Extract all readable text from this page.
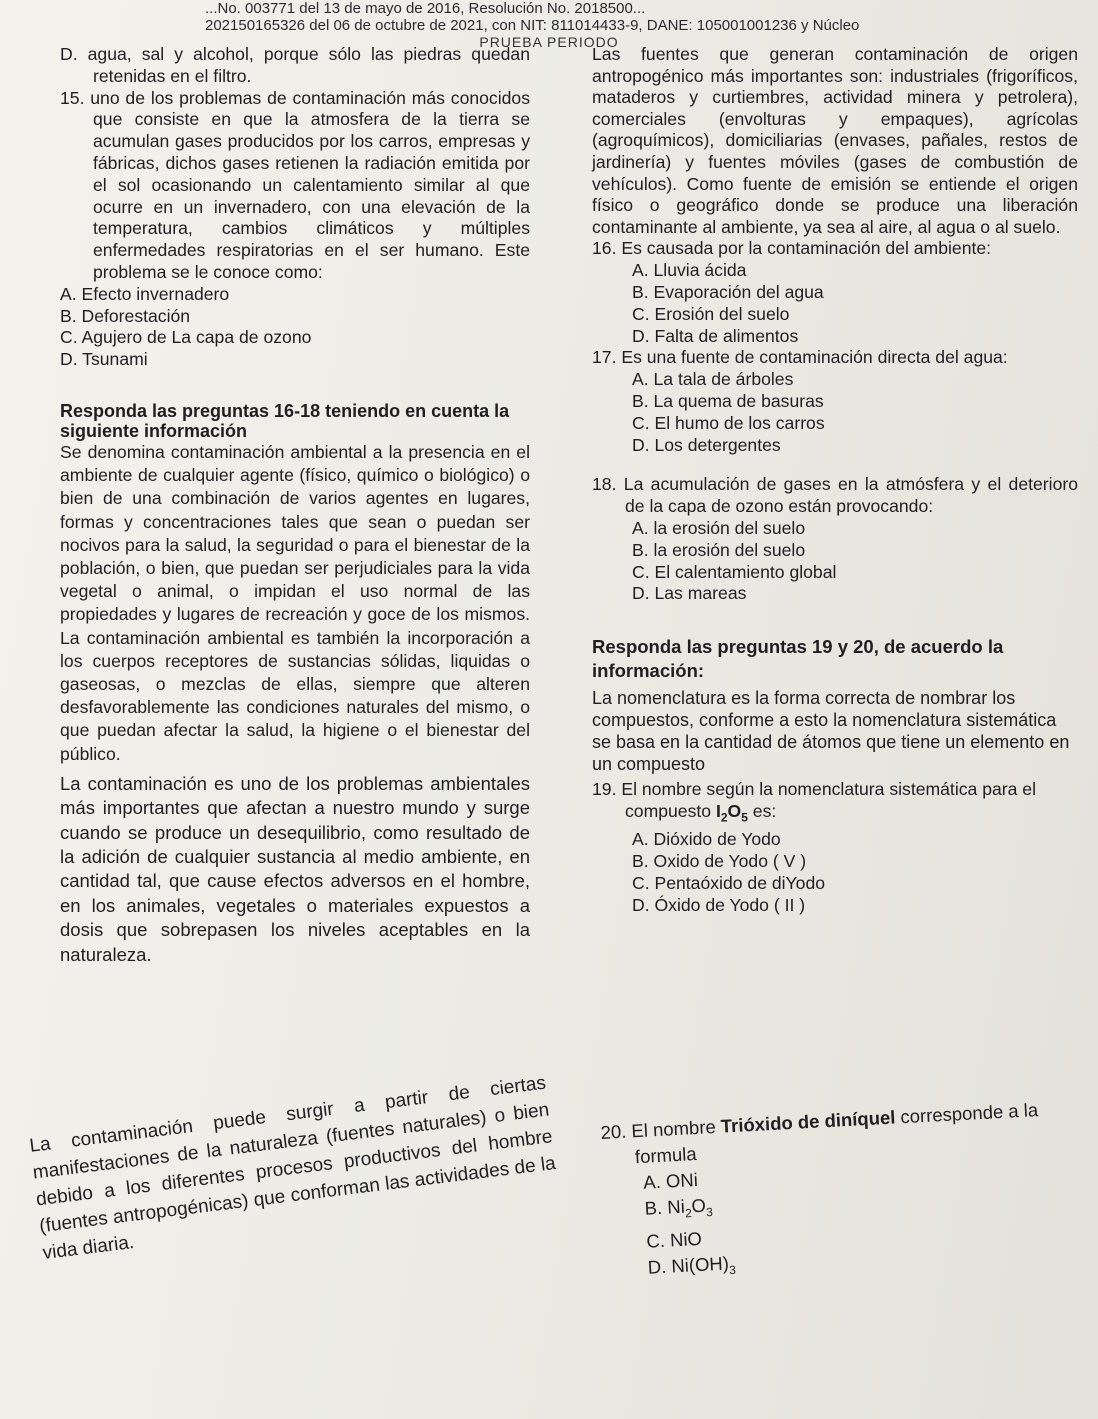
...No. 003771 del 13 de mayo de 2016, Resolución No. 2018500...
202150165326 del 06 de octubre de 2021, con NIT: 811014433-9, DANE: 105001001236 y Núcleo
PRUEBA PERIODO

D. agua, sal y alcohol, porque sólo las piedras quedan retenidas en el filtro.

15. uno de los problemas de contaminación más conocidos que consiste en que la atmosfera de la tierra se acumulan gases producidos por los carros, empresas y fábricas, dichos gases retienen la radiación emitida por el sol ocasionando un calentamiento similar al que ocurre en un invernadero, con una elevación de la temperatura, cambios climáticos y múltiples enfermedades respiratorias en el ser humano. Este problema se le conoce como:

A. Efecto invernadero
B. Deforestación
C. Agujero de La capa de ozono
D. Tsunami

Responda las preguntas 16-18 teniendo en cuenta la siguiente información

Se denomina contaminación ambiental a la presencia en el ambiente de cualquier agente (físico, químico o biológico) o bien de una combinación de varios agentes en lugares, formas y concentraciones tales que sean o puedan ser nocivos para la salud, la seguridad o para el bienestar de la población, o bien, que puedan ser perjudiciales para la vida vegetal o animal, o impidan el uso normal de las propiedades y lugares de recreación y goce de los mismos. La contaminación ambiental es también la incorporación a los cuerpos receptores de sustancias sólidas, liquidas o gaseosas, o mezclas de ellas, siempre que alteren desfavorablemente las condiciones naturales del mismo, o que puedan afectar la salud, la higiene o el bienestar del público.

La contaminación es uno de los problemas ambientales más importantes que afectan a nuestro mundo y surge cuando se produce un desequilibrio, como resultado de la adición de cualquier sustancia al medio ambiente, en cantidad tal, que cause efectos adversos en el hombre, en los animales, vegetales o materiales expuestos a dosis que sobrepasen los niveles aceptables en la naturaleza.

La contaminación puede surgir a partir de ciertas manifestaciones de la naturaleza (fuentes naturales) o bien debido a los diferentes procesos productivos del hombre (fuentes antropogénicas) que conforman las actividades de la vida diaria.

Las fuentes que generan contaminación de origen antropogénico más importantes son: industriales (frigoríficos, mataderos y curtiembres, actividad minera y petrolera), comerciales (envolturas y empaques), agrícolas (agroquímicos), domiciliarias (envases, pañales, restos de jardinería) y fuentes móviles (gases de combustión de vehículos). Como fuente de emisión se entiende el origen físico o geográfico donde se produce una liberación contaminante al ambiente, ya sea al aire, al agua o al suelo.

16. Es causada por la contaminación del ambiente:

A. Lluvia ácida
B. Evaporación del agua
C. Erosión del suelo
D. Falta de alimentos

17. Es una fuente de contaminación directa del agua:

A. La tala de árboles
B. La quema de basuras
C. El humo de los carros
D. Los detergentes

18. La acumulación de gases en la atmósfera y el deterioro de la capa de ozono están provocando:

A. la erosión del suelo
B. la erosión del suelo
C. El calentamiento global
D. Las mareas

Responda las preguntas 19 y 20, de acuerdo la información:

La nomenclatura es la forma correcta de nombrar los compuestos, conforme a esto la nomenclatura sistemática se basa en la cantidad de átomos que tiene un elemento en un compuesto

19. El nombre según la nomenclatura sistemática para el compuesto $I_2O_5$ es:

A. Dióxido de Yodo
B. Oxido de Yodo ( V )
C. Pentaóxido de diYodo
D. Óxido de Yodo ( II )

20. El nombre Trióxido de diníquel corresponde a la formula

A. ONi
B. $Ni_2O_3$
C. NiO
D. $Ni(OH)_3$
